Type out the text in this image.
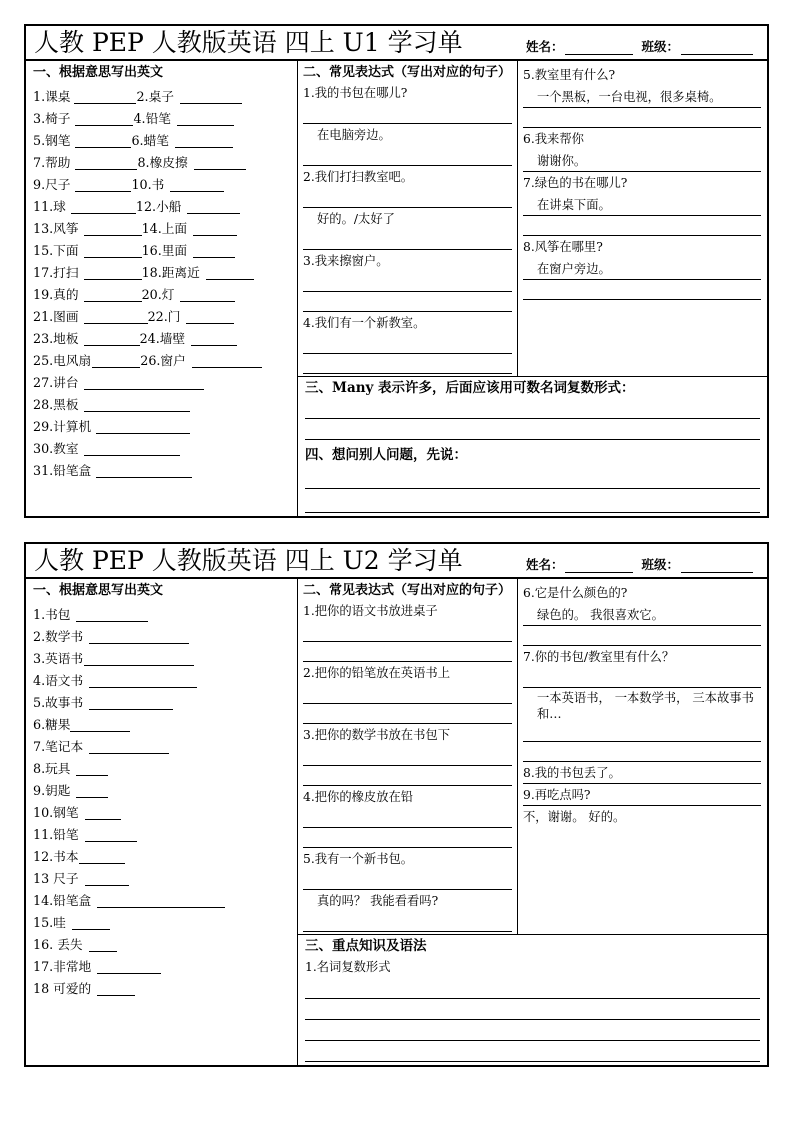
人教 PEP 人教版英语 四上 U1 学习单	姓名：	班级：
一、根据意思写出英文
1.课桌	2.桌子
3.椅子	4.铅笔
5.钢笔	6.蜡笔
7.帮助	8.橡皮擦
9.尺子	10.书
11.球	12.小船
13.风筝	14.上面
15.下面	16.里面
17.打扫	18.距离近
19.真的	20.灯
21.图画	22.门
23.地板	24.墙壁
25.电风扇	26.窗户
27.讲台
28.黑板
29.计算机
30.教室
31.铅笔盒
二、常见表达式（写出对应的句子）
1.我的书包在哪儿?
在电脑旁边。
2.我们打扫教室吧。
好的。/太好了
3.我来擦窗户。
4.我们有一个新教室。
5.教室里有什么?
一个黑板，一台电视，很多桌椅。
6.我来帮你
谢谢你。
7.绿色的书在哪儿?
在讲桌下面。
8.风筝在哪里?
在窗户旁边。
三、Many 表示许多，后面应该用可数名词复数形式：
四、想问别人问题，先说：
人教 PEP 人教版英语 四上 U2 学习单	姓名：	班级：
一、根据意思写出英文
1.书包
2.数学书
3.英语书
4.语文书
5.故事书
6.糖果
7.笔记本
8.玩具
9.钥匙
10.钢笔
11.铅笔
12.书本
13 尺子
14.铅笔盒
15.哇
16. 丢失
17.非常地
18 可爱的
二、常见表达式（写出对应的句子）
1.把你的语文书放进桌子
2.把你的铅笔放在英语书上
3.把你的数学书放在书包下
4.把你的橡皮放在铅
5.我有一个新书包。
真的吗？ 我能看看吗?
6.它是什么颜色的?
绿色的。 我很喜欢它。
7.你的书包/教室里有什么？
一本英语书， 一本数学书， 三本故事书 和…
8.我的书包丢了。
9.再吃点吗?
不，谢谢。 好的。
三、重点知识及语法
1.名词复数形式
